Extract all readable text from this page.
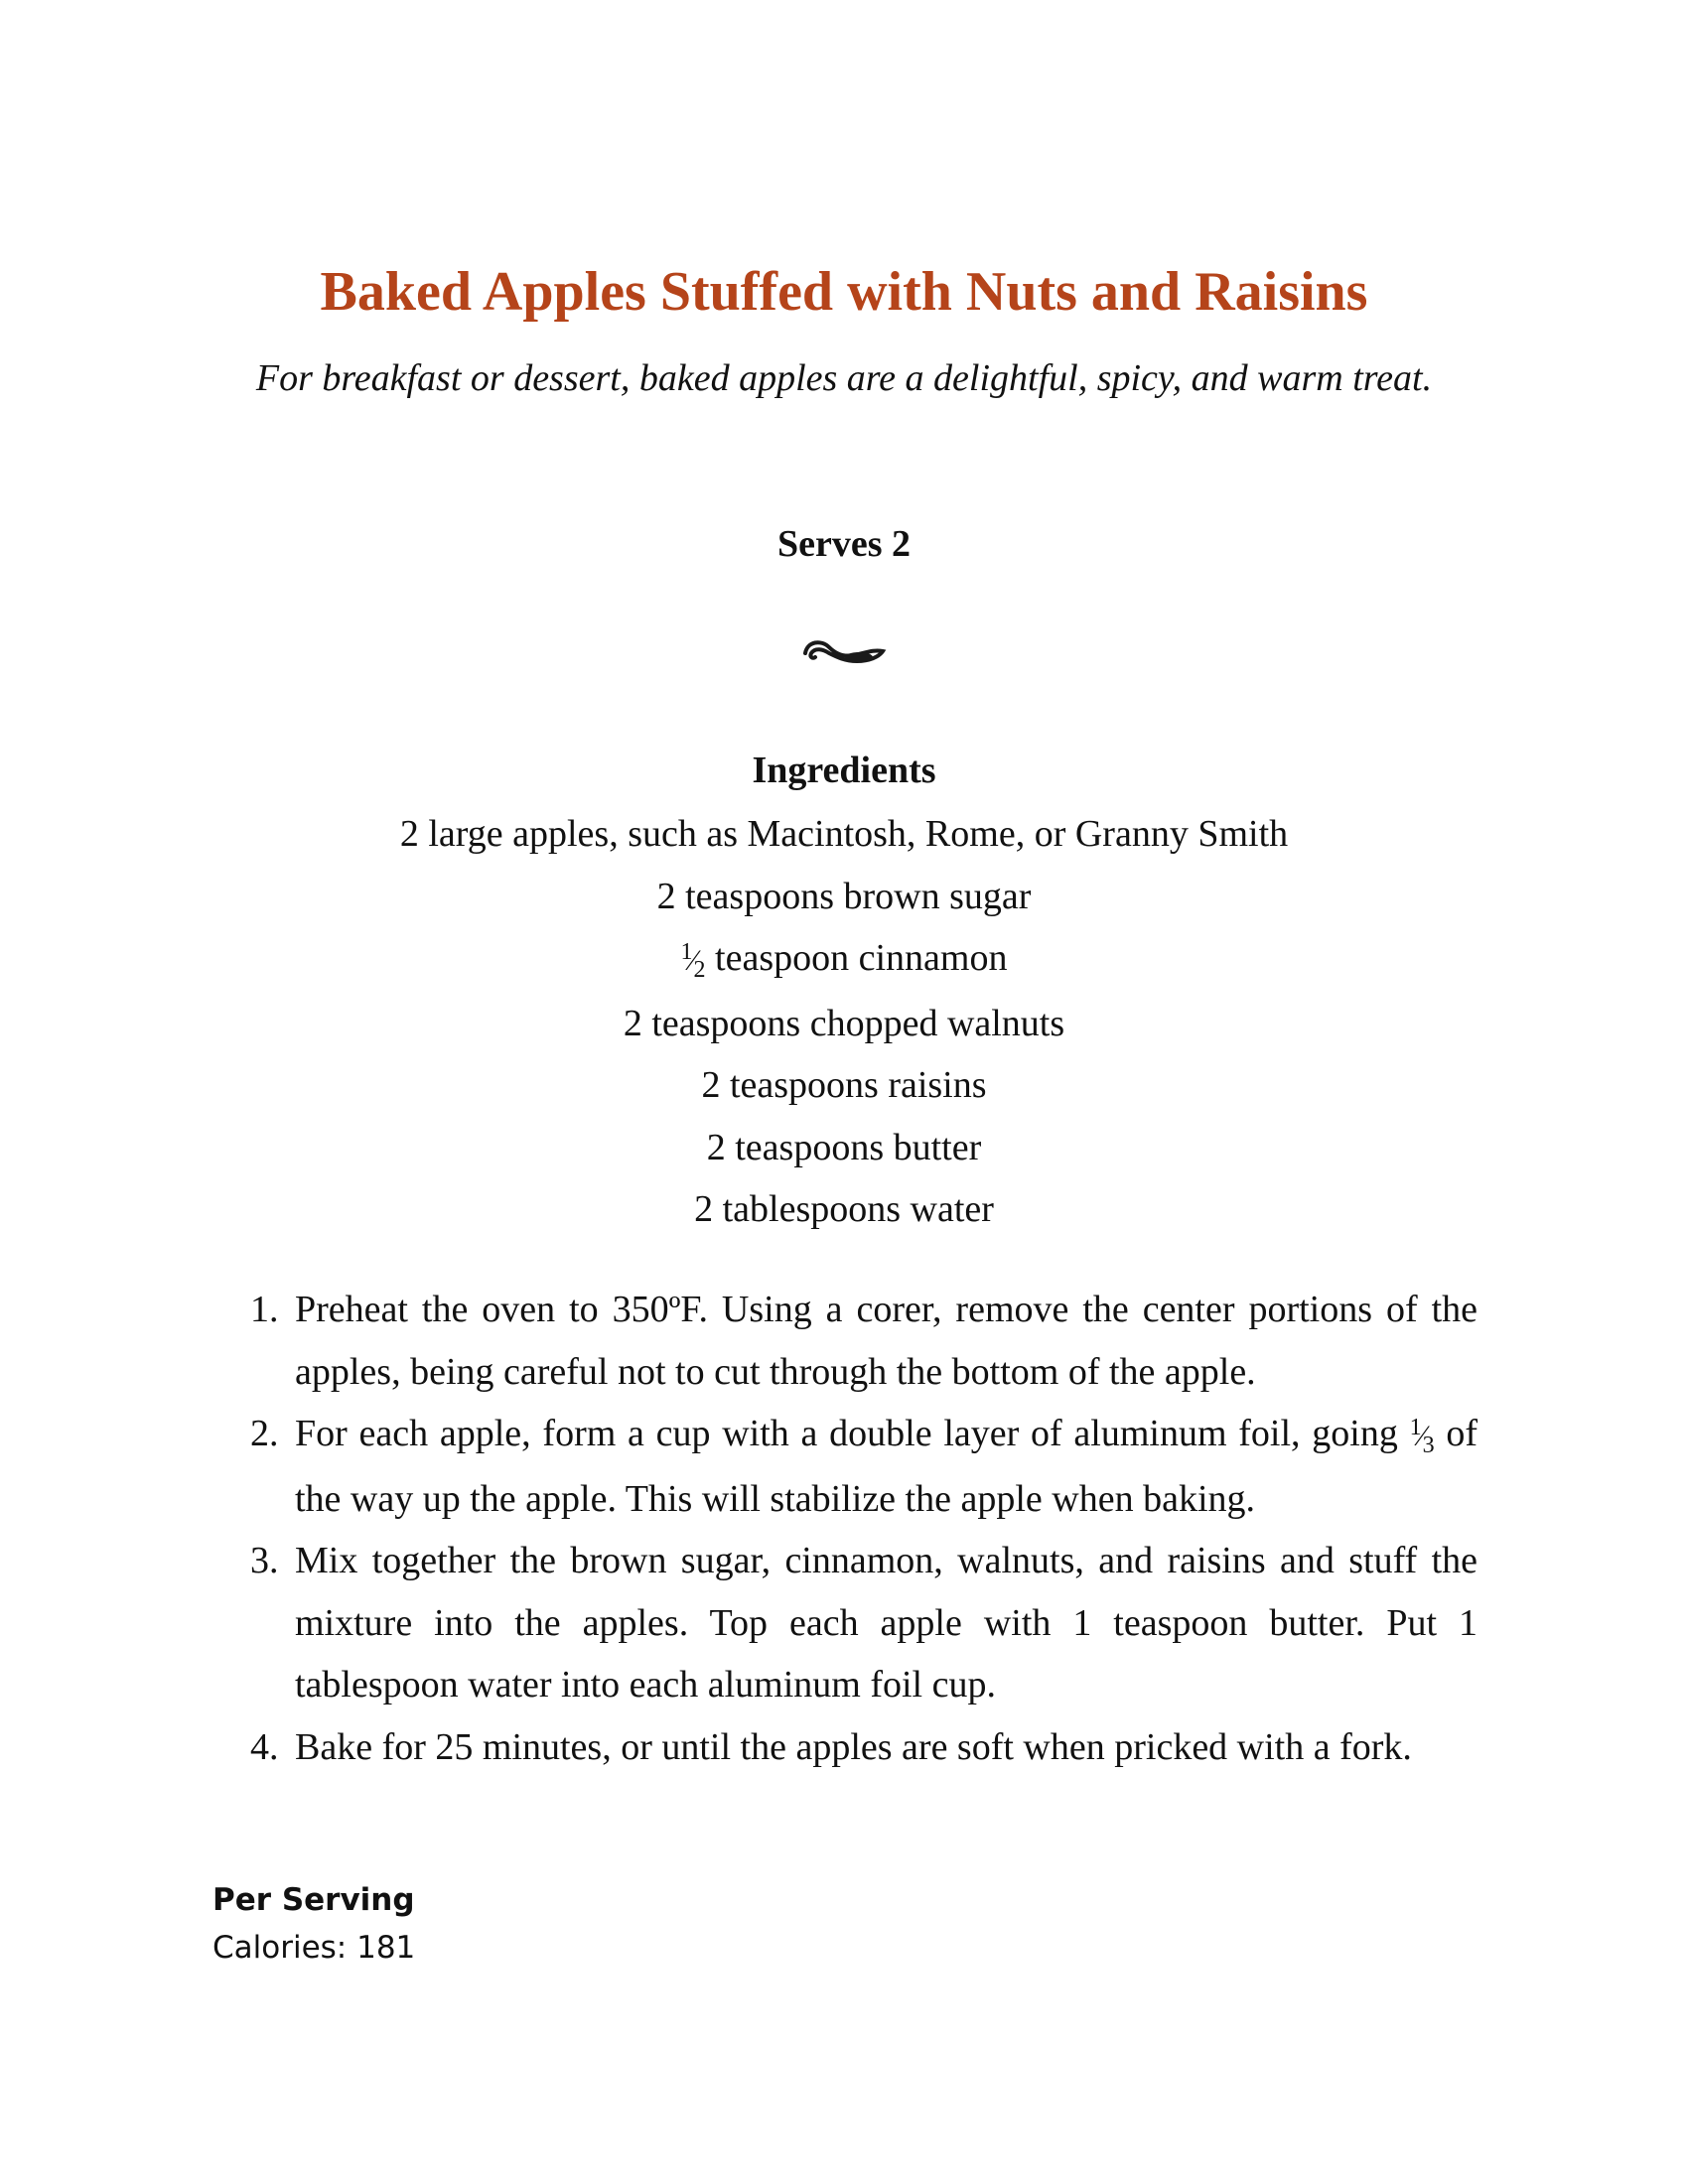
Baked Apples Stuffed with Nuts and Raisins

For breakfast or dessert, baked apples are a delightful, spicy, and warm treat.

Serves 2

Ingredients
2 large apples, such as Macintosh, Rome, or Granny Smith
2 teaspoons brown sugar
$^1⁄_2$ teaspoon cinnamon
2 teaspoons chopped walnuts
2 teaspoons raisins
2 teaspoons butter
2 tablespoons water
1. Preheat the oven to 350ºF. Using a corer, remove the center portions of the apples, being careful not to cut through the bottom of the apple.
2. For each apple, form a cup with a double layer of aluminum foil, going $^1⁄_3$ of the way up the apple. This will stabilize the apple when baking.
3. Mix together the brown sugar, cinnamon, walnuts, and raisins and stuff the mixture into the apples. Top each apple with 1 teaspoon butter. Put 1 tablespoon water into each aluminum foil cup.
4. Bake for 25 minutes, or until the apples are soft when pricked with a fork.

Per Serving

Calories: 181
